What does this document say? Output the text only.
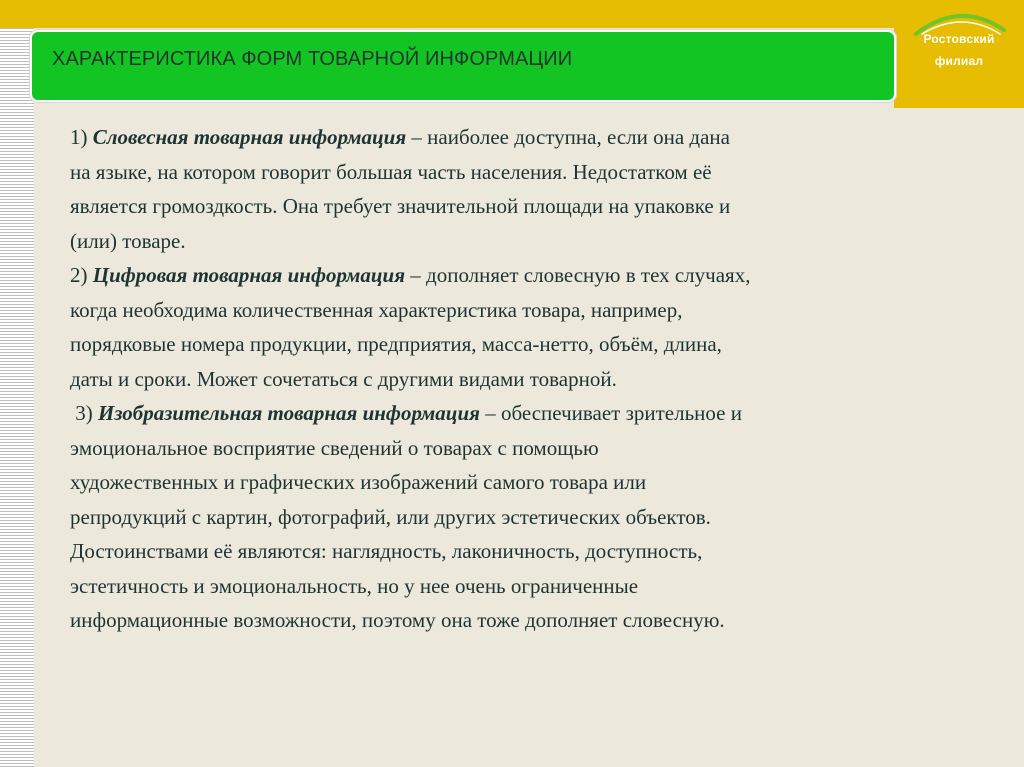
Ростовский
филиал
ХАРАКТЕРИСТИКА ФОРМ ТОВАРНОЙ ИНФОРМАЦИИ
1) Словесная товарная информация – наиболее доступна, если она дана
на языке, на котором говорит большая часть населения. Недостатком её
является громоздкость. Она требует значительной площади на упаковке и
(или) товаре.
2) Цифровая товарная информация – дополняет словесную в тех случаях,
когда необходима количественная характеристика товара, например,
порядковые номера продукции, предприятия, масса-нетто, объём, длина,
даты и сроки. Может сочетаться с другими видами товарной.
3) Изобразительная товарная информация – обеспечивает зрительное и
эмоциональное восприятие сведений о товарах с помощью
художественных и графических изображений самого товара или
репродукций с картин, фотографий, или других эстетических объектов.
Достоинствами её являются: наглядность, лаконичность, доступность,
эстетичность и эмоциональность, но у нее очень ограниченные
информационные возможности, поэтому она тоже дополняет словесную.
